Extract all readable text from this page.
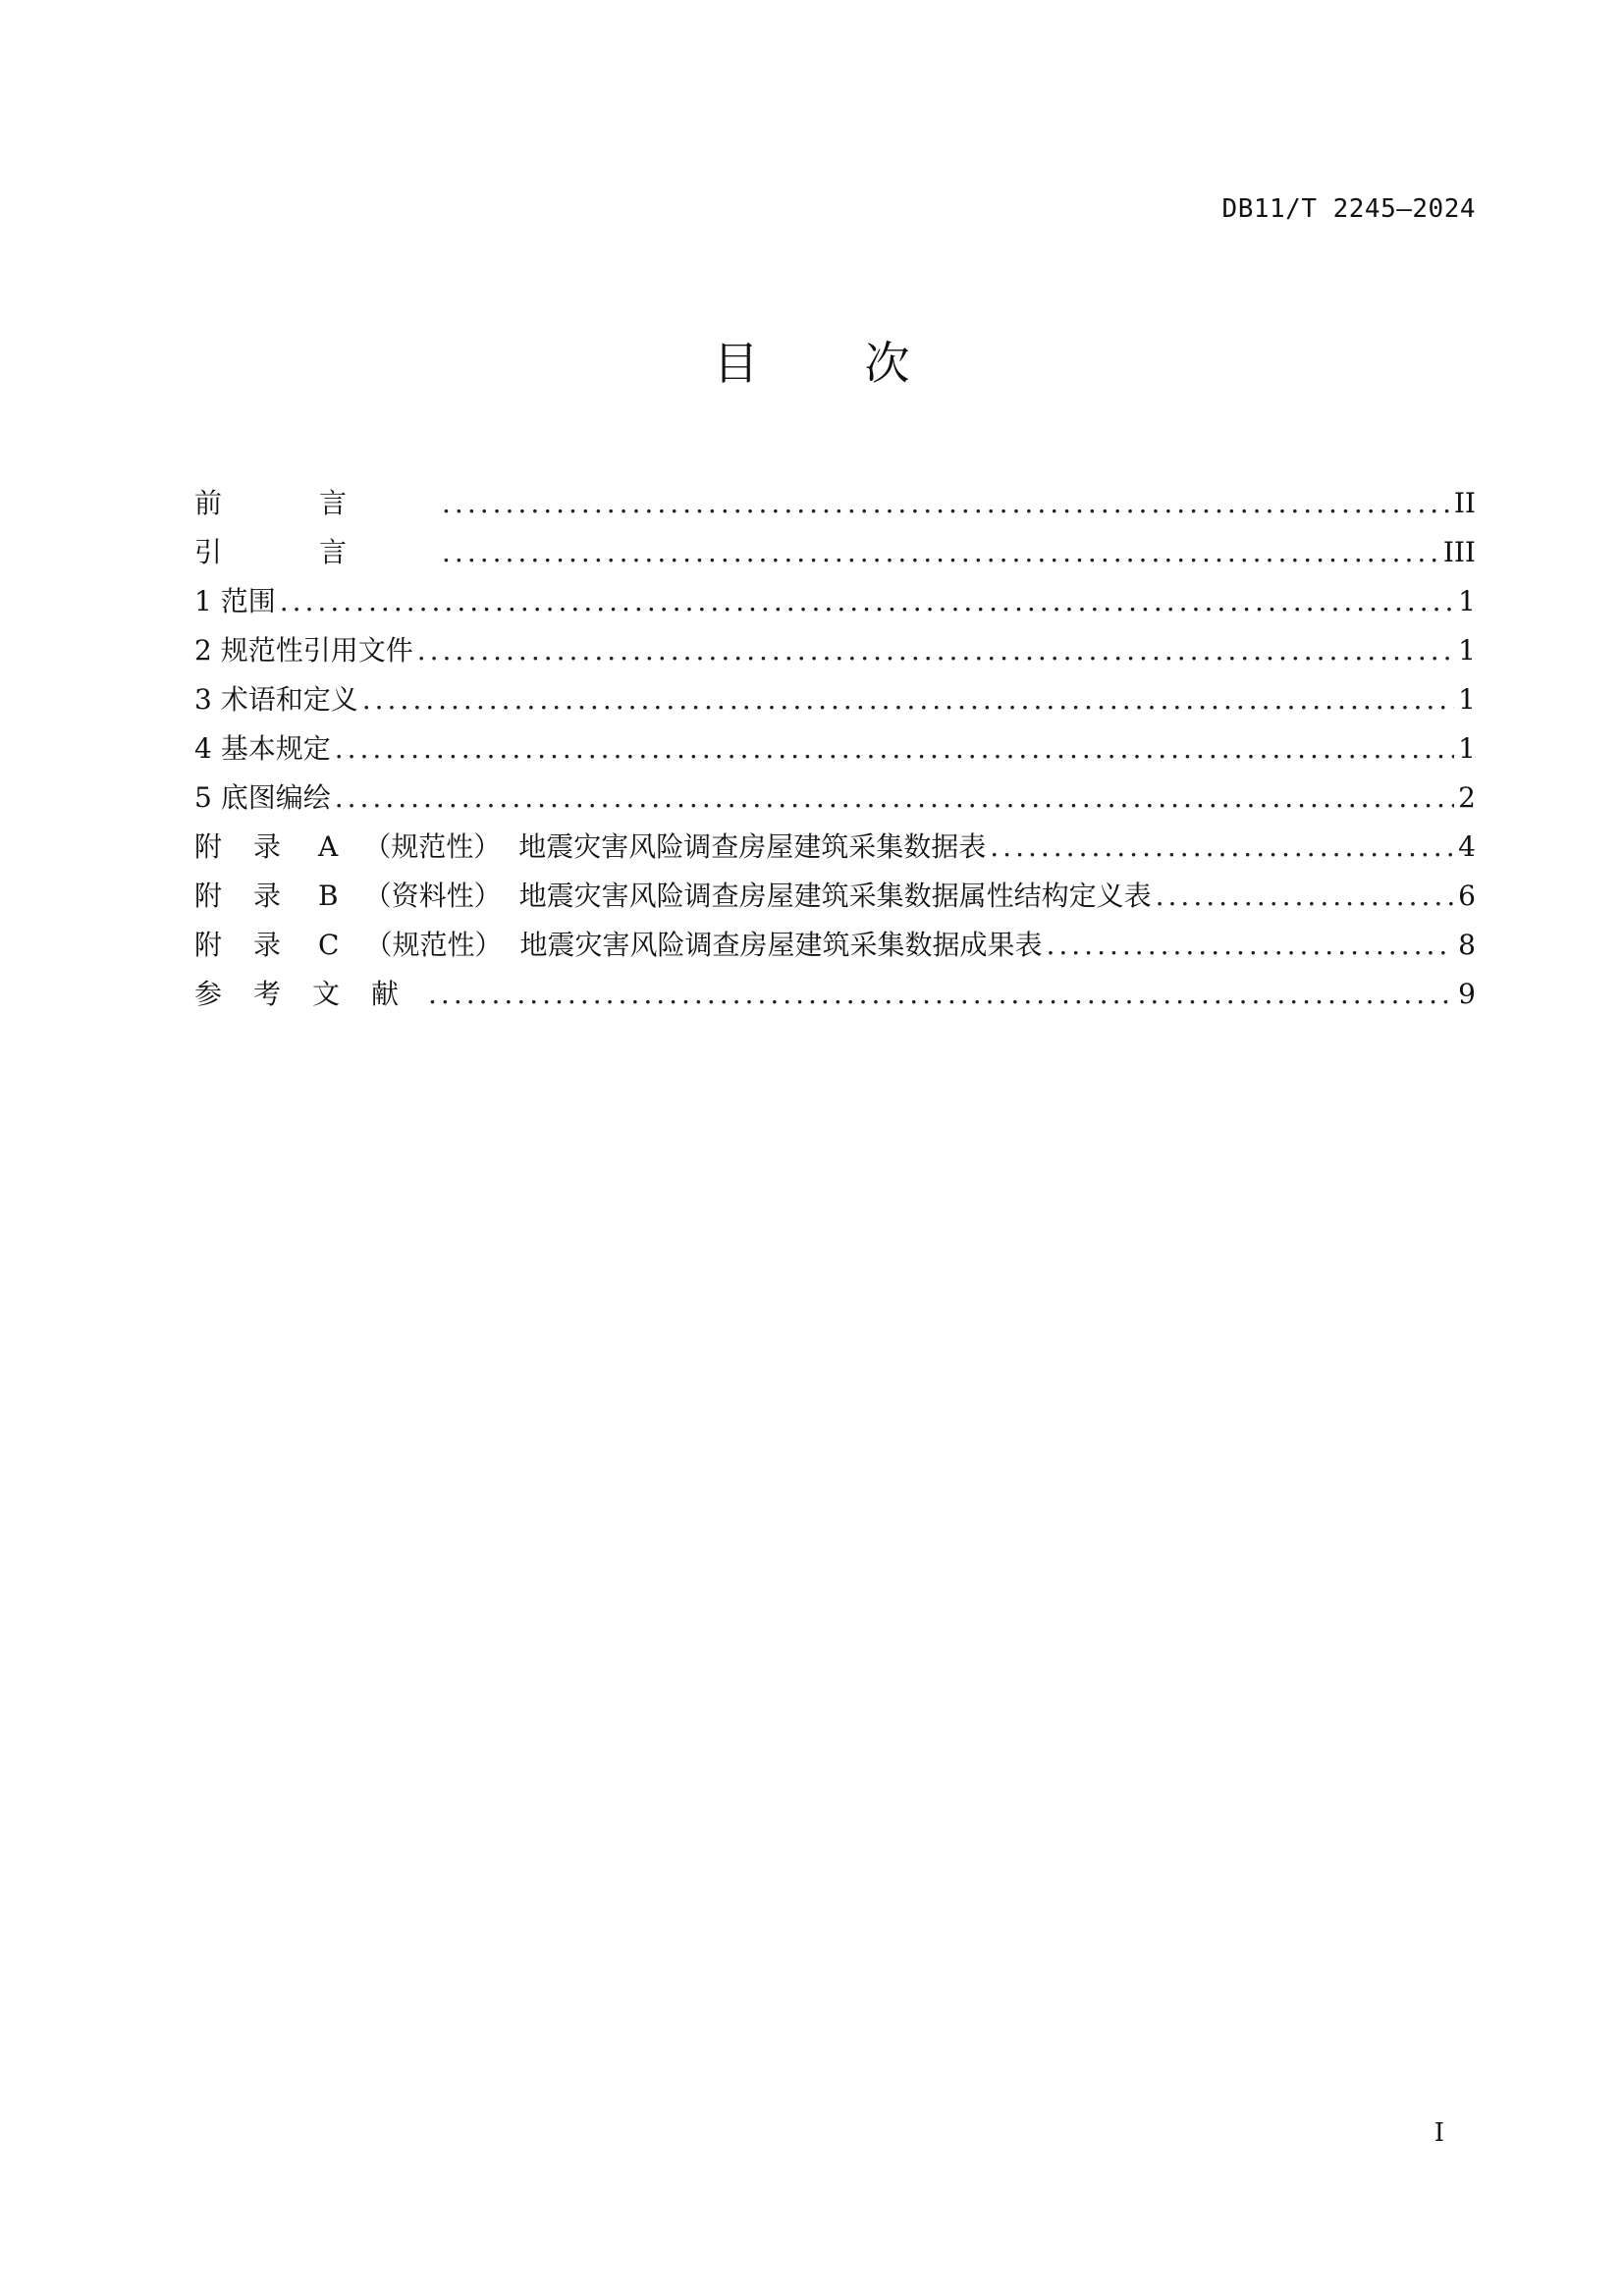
DB11/T 2245—2024
目 次
前言 .....	II
引言 .....	III
1 范围 .....	1
2 规范性引用文件 .....	1
3 术语和定义 .....	1
4 基本规定 .....	1
5 底图编绘 .....	2
附录 A （规范性） 地震灾害风险调查房屋建筑采集数据表 .....	4
附录 B （资料性） 地震灾害风险调查房屋建筑采集数据属性结构定义表 .....	6
附录 C （规范性） 地震灾害风险调查房屋建筑采集数据成果表 .....	8
参考文献 .....	9
I
